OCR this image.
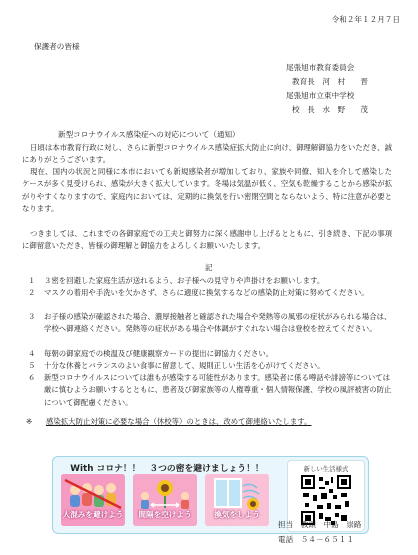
令和２年１２月７日
保護者の皆様
尾張旭市教育委員会
教育長　河　村　　晋
尾張旭市立東中学校
校　長　水　野　　茂
新型コロナウイルス感染症への対応について（通知）
日頃は本市教育行政に対し、さらに新型コロナウイルス感染症拡大防止に向け、御理解御協力をいただき、誠にありがとうございます。
現在、国内の状況と同様に本市においても新規感染者が増加しており、家族や同僚、知人を介して感染したケースが多く見受けられ、感染が大きく拡大しています。冬場は気温が低く、空気も乾燥することから感染が拡がりやすくなりますので、家庭内においては、定期的に換気を行い密閉空間とならないよう、特に注意が必要となります。
つきましては、これまでの各御家庭での工夫と御努力に深く感謝申し上げるとともに、引き続き、下記の事項に御留意いただき、皆様の御理解と御協力をよろしくお願いいたします。
記
１ ３密を回避した家庭生活が送れるよう、お子様への見守りや声掛けをお願いします。
２ マスクの着用や手洗いを欠かさず、さらに適度に換気するなどの感染防止対策に努めてください。
３ お子様の感染が確認された場合、濃厚接触者と確認された場合や発熱等の風邪の症状がみられる場合は、学校へ御連絡ください。発熱等の症状がある場合や体調がすぐれない場合は登校を控えてください。
４ 毎朝の御家庭での検温及び健康観察カードの提出に御協力ください。
５ 十分な休養とバランスのよい食事に留意して、規則正しい生活を心がけてください。
６ 新型コロナウイルスについては誰もが感染する可能性があります。感染者に係る噂話や誹謗等については厳に慎むようお願いするとともに、患者及び御家族等の人権尊重・個人情報保護、学校の風評被害の防止について御配慮ください。
※ 感染拡大防止対策に必要な場合（休校等）のときは、改めて御連絡いたします。
With コロナ！！　３つの密を避けましょう！！
人混みを避けよう	間隔を空けよう	換気をしよう
新しい生活様式
担当　教頭　中島　崇路
電話　５４－６５１１
